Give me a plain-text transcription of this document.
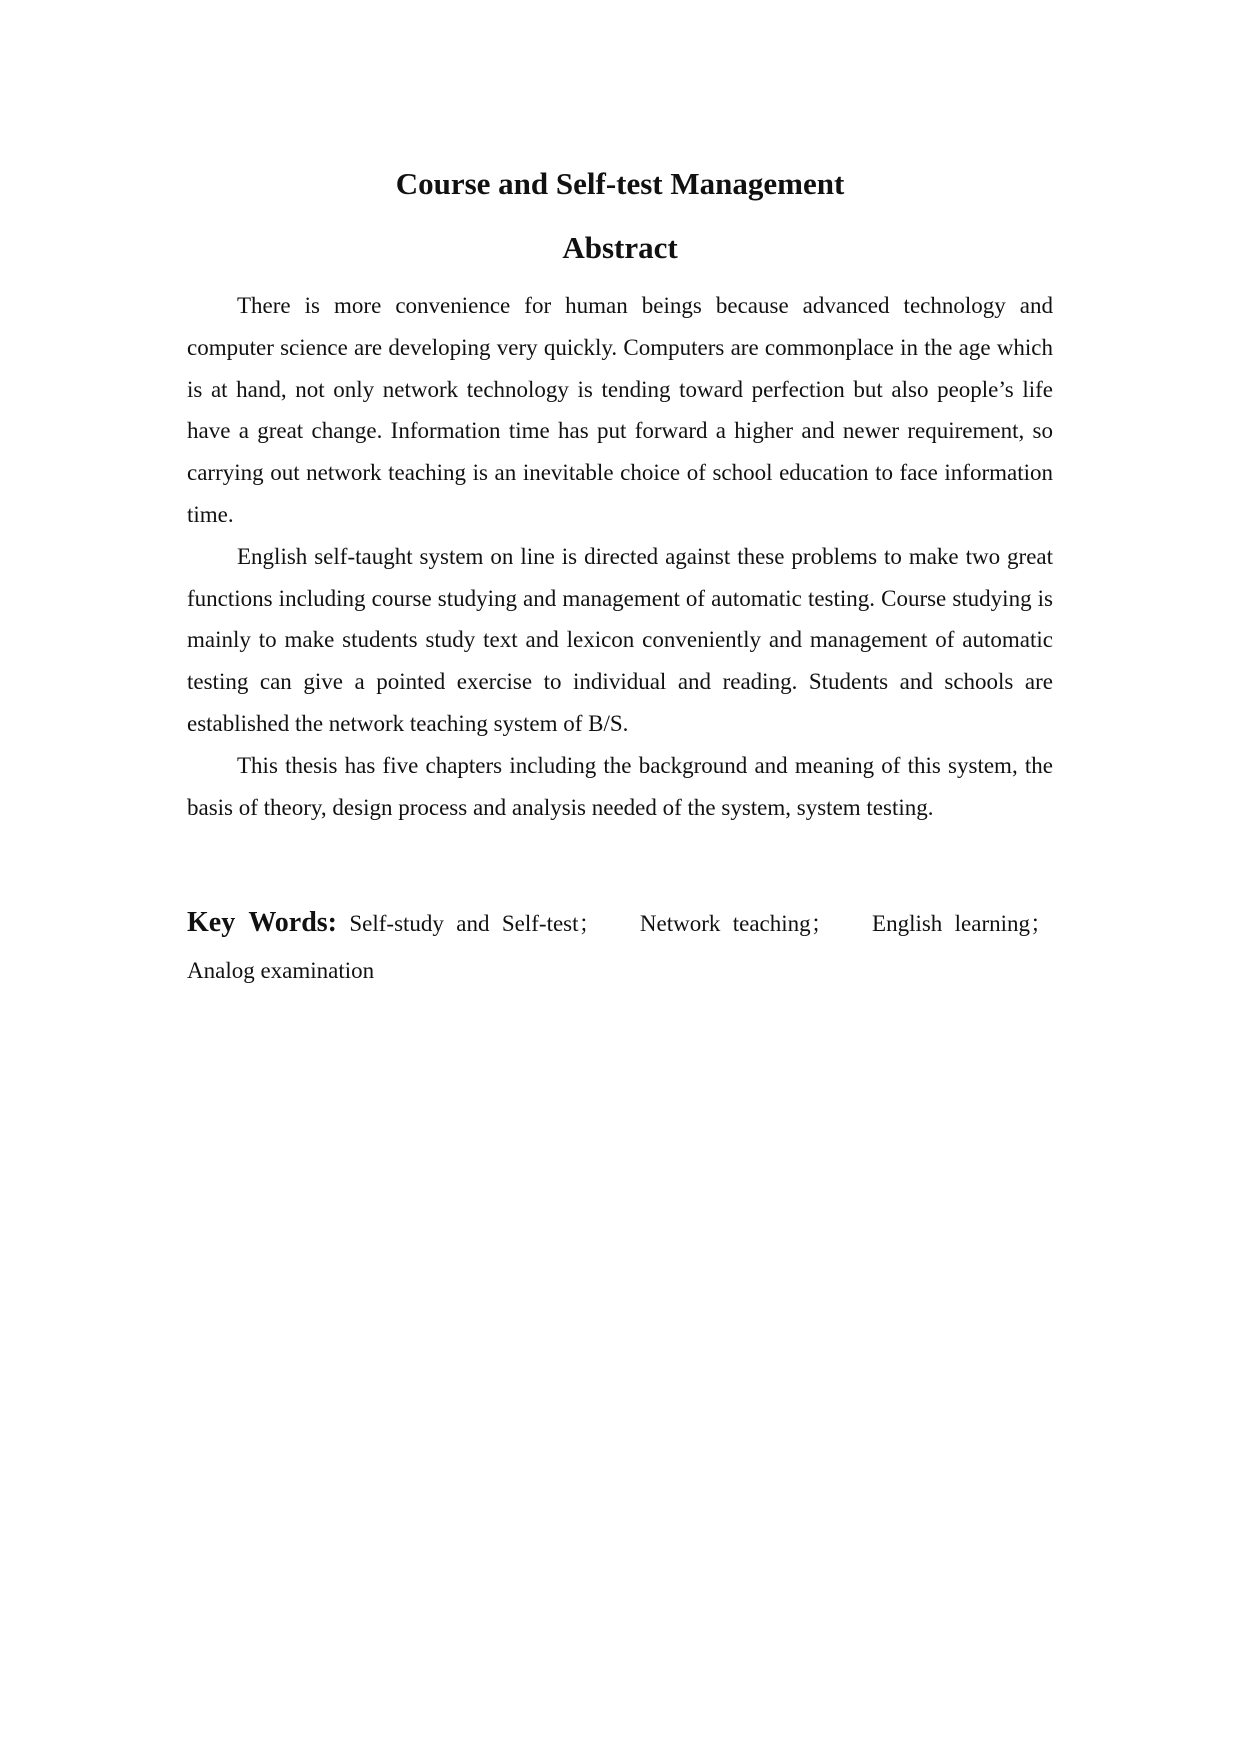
Course and Self-test Management
Abstract

There is more convenience for human beings because advanced technology and computer science are developing very quickly. Computers are commonplace in the age which is at hand, not only network technology is tending toward perfection but also people’s life have a great change. Information time has put forward a higher and newer requirement, so carrying out network teaching is an inevitable choice of school education to face information time.

English self-taught system on line is directed against these problems to make two great functions including course studying and management of automatic testing. Course studying is mainly to make students study text and lexicon conveniently and management of automatic testing can give a pointed exercise to individual and reading. Students and schools are established the network teaching system of B/S.

This thesis has five chapters including the background and meaning of this system, the basis of theory, design process and analysis needed of the system, system testing.

Key Words: Self-study and Self-test； Network teaching； English learning； Analog examination
